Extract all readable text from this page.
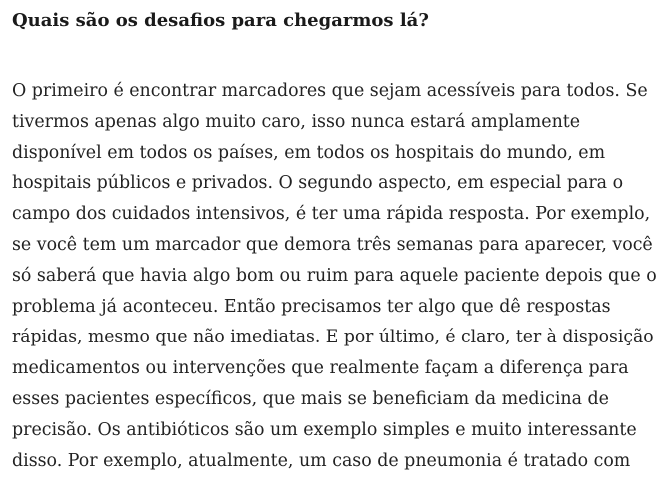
Quais são os desafios para chegarmos lá?
O primeiro é encontrar marcadores que sejam acessíveis para todos. Se
tivermos apenas algo muito caro, isso nunca estará amplamente
disponível em todos os países, em todos os hospitais do mundo, em
hospitais públicos e privados. O segundo aspecto, em especial para o
campo dos cuidados intensivos, é ter uma rápida resposta. Por exemplo,
se você tem um marcador que demora três semanas para aparecer, você
só saberá que havia algo bom ou ruim para aquele paciente depois que o
problema já aconteceu. Então precisamos ter algo que dê respostas
rápidas, mesmo que não imediatas. E por último, é claro, ter à disposição
medicamentos ou intervenções que realmente façam a diferença para
esses pacientes específicos, que mais se beneficiam da medicina de
precisão. Os antibióticos são um exemplo simples e muito interessante
disso. Por exemplo, atualmente, um caso de pneumonia é tratado com
